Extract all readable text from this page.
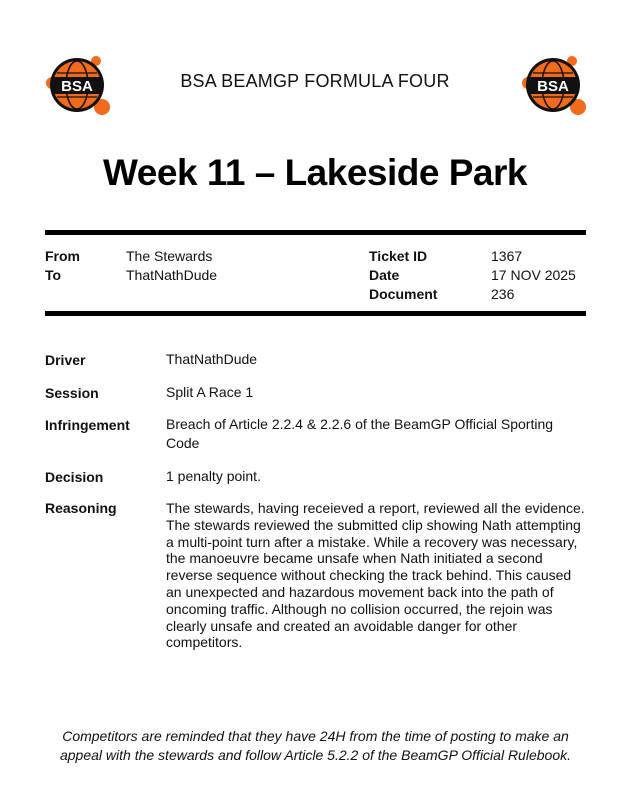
BSA	BSA BEAMGP FORMULA FOUR	BSA
Week 11 – Lakeside Park
From	The Stewards
To	ThatNathDude
Ticket ID	1367
Date	17 NOV 2025
Document	236
Driver	ThatNathDude
Session	Split A Race 1
Infringement	Breach of Article 2.2.4 & 2.2.6 of the BeamGP Official Sporting Code
Decision	1 penalty point.
Reasoning	The stewards, having receieved a report, reviewed all the evidence. The stewards reviewed the submitted clip showing Nath attempting a multi-point turn after a mistake. While a recovery was necessary, the manoeuvre became unsafe when Nath initiated a second reverse sequence without checking the track behind. This caused an unexpected and hazardous movement back into the path of oncoming traffic. Although no collision occurred, the rejoin was clearly unsafe and created an avoidable danger for other competitors.
Competitors are reminded that they have 24H from the time of posting to make an appeal with the stewards and follow Article 5.2.2 of the BeamGP Official Rulebook.
